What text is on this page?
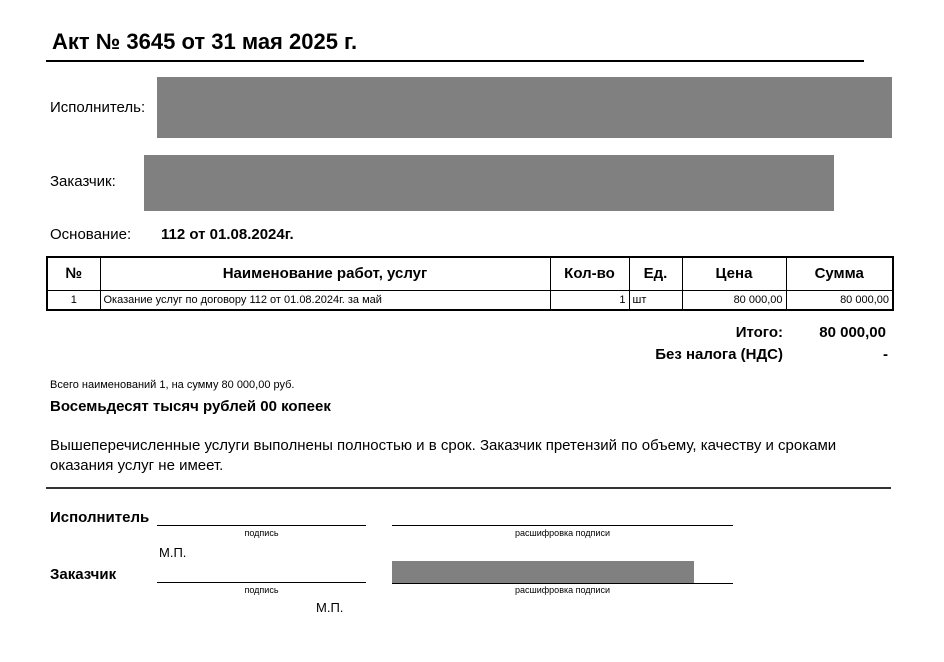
Акт № 3645 от 31 мая 2025 г.
Исполнитель:
Заказчик:
Основание: 112 от 01.08.2024г.
№	Наименование работ, услуг	Кол-во	Ед.	Цена	Сумма
1	Оказание услуг по договору 112 от 01.08.2024г. за май	1	шт	80 000,00	80 000,00
Итого: 80 000,00
Без налога (НДС)	-
Всего наименований 1, на сумму 80 000,00 руб.
Восемьдесят тысяч рублей 00 копеек
Вышеперечисленные услуги выполнены полностью и в срок. Заказчик претензий по объему, качеству и сроками оказания услуг не имеет.
Исполнитель
подпись	расшифровка подписи
М.П.
Заказчик
подпись	расшифровка подписи
М.П.
